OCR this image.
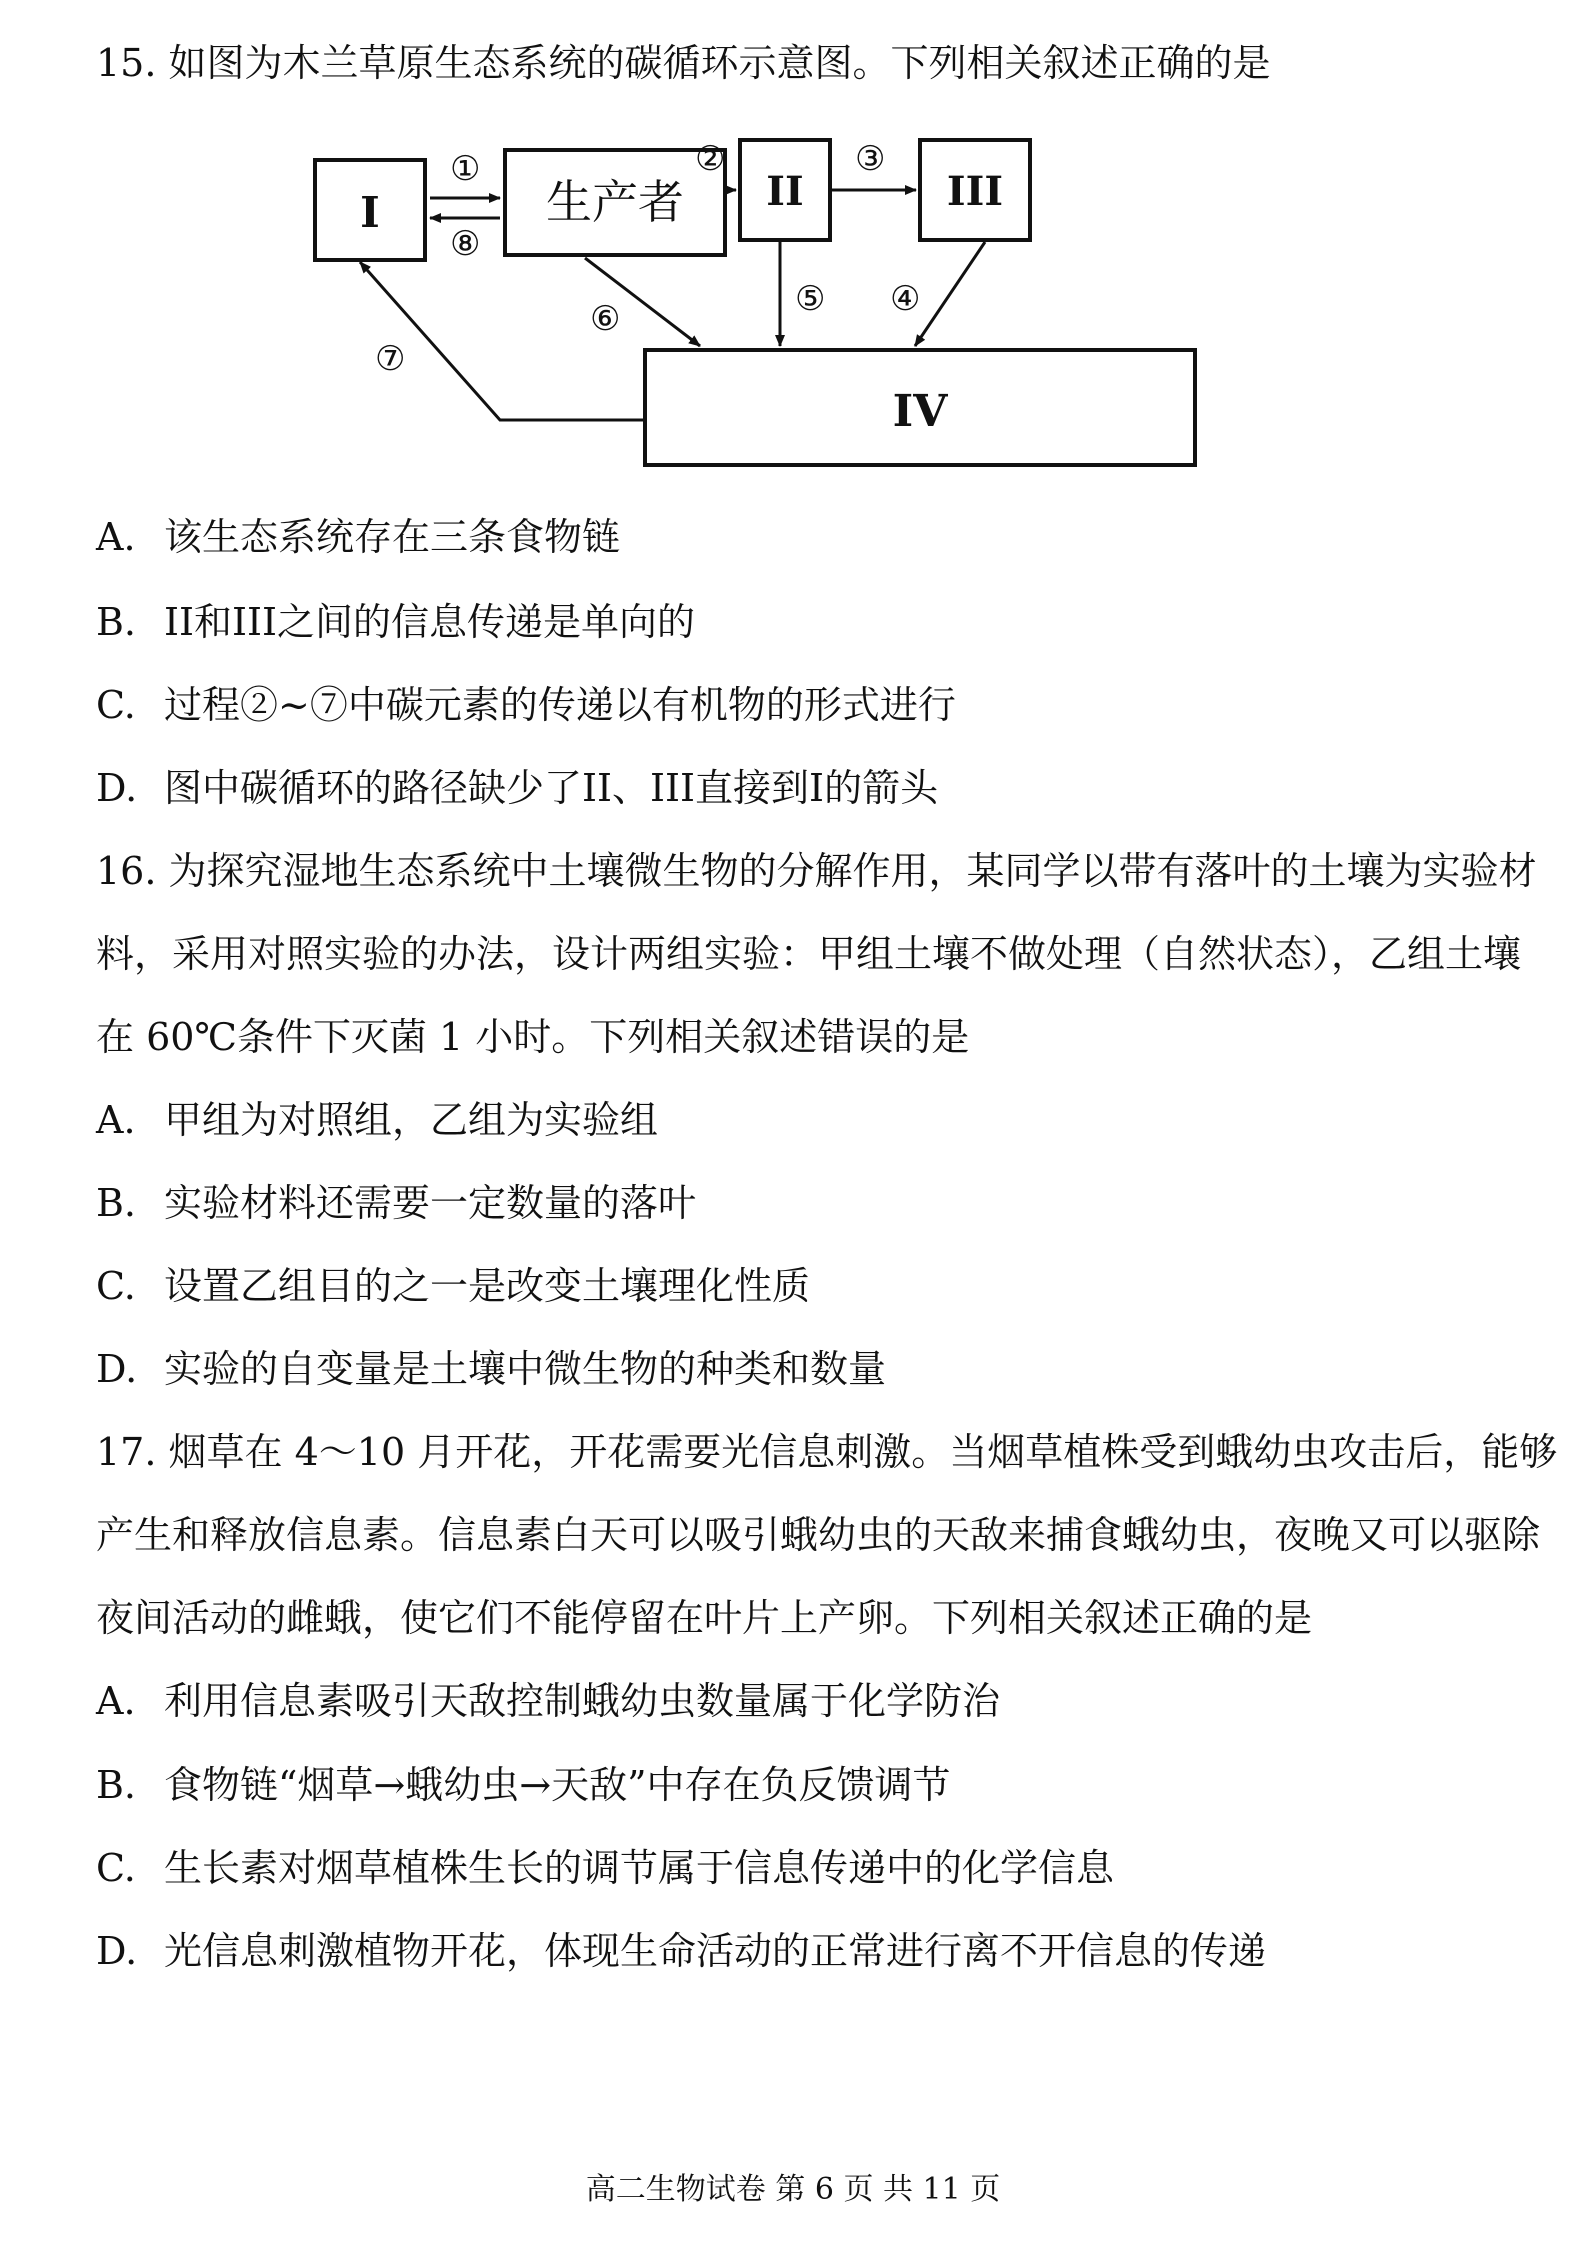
15. 如图为木兰草原生态系统的碳循环示意图。下列相关叙述正确的是
I	生产者 II	III
IV
①
⑧
②	③
⑤ ④
⑥
⑦
A. 该生态系统存在三条食物链
B. II和III之间的信息传递是单向的
C. 过程②~⑦中碳元素的传递以有机物的形式进行
D. 图中碳循环的路径缺少了II、III直接到I的箭头
16. 为探究湿地生态系统中土壤微生物的分解作用，某同学以带有落叶的土壤为实验材
料，采用对照实验的办法，设计两组实验：甲组土壤不做处理（自然状态），乙组土壤
在 60℃条件下灭菌 1 小时。下列相关叙述错误的是
A. 甲组为对照组，乙组为实验组
B. 实验材料还需要一定数量的落叶
C. 设置乙组目的之一是改变土壤理化性质
D. 实验的自变量是土壤中微生物的种类和数量
17. 烟草在 4～10 月开花，开花需要光信息刺激。当烟草植株受到蛾幼虫攻击后，能够
产生和释放信息素。信息素白天可以吸引蛾幼虫的天敌来捕食蛾幼虫，夜晚又可以驱除
夜间活动的雌蛾，使它们不能停留在叶片上产卵。下列相关叙述正确的是
A. 利用信息素吸引天敌控制蛾幼虫数量属于化学防治
B. 食物链“烟草→蛾幼虫→天敌”中存在负反馈调节
C. 生长素对烟草植株生长的调节属于信息传递中的化学信息
D. 光信息刺激植物开花，体现生命活动的正常进行离不开信息的传递
高二生物试卷 第 6 页 共 11 页
